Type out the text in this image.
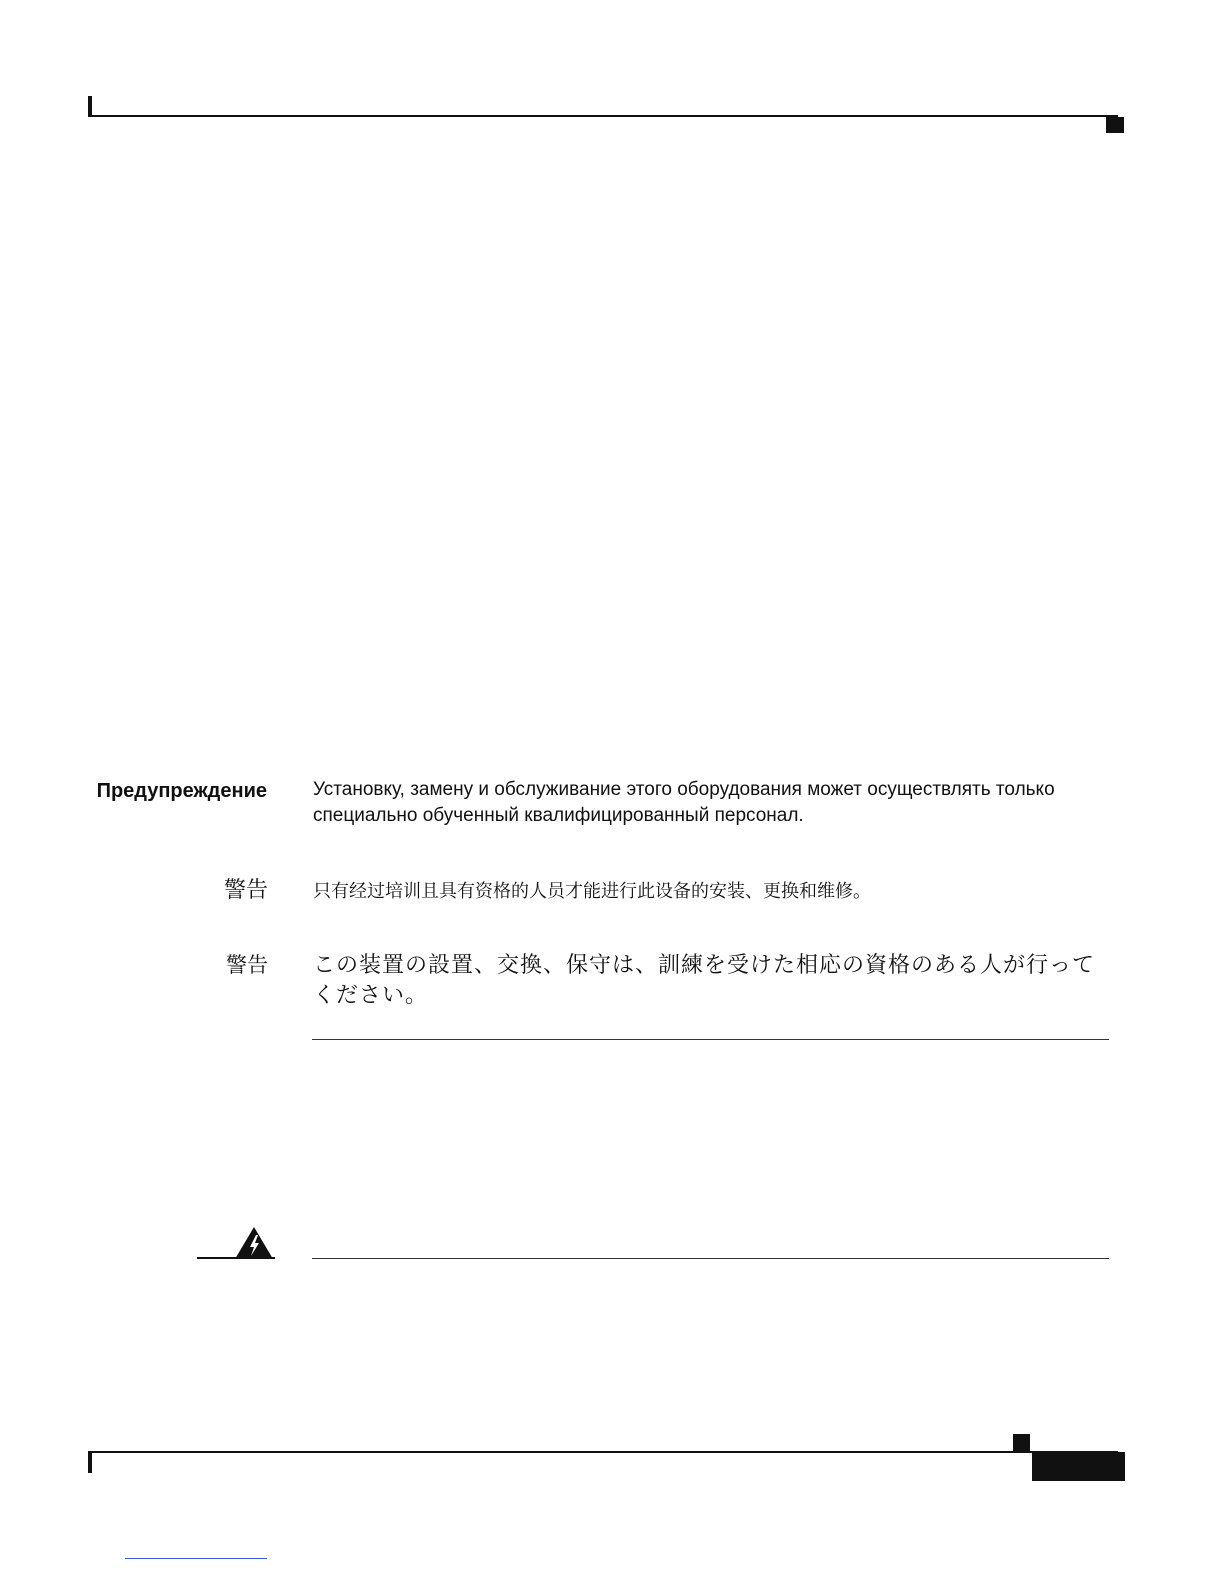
Предупреждение Установку, замену и обслуживание этого оборудования может осуществлять только специально обученный квалифицированный персонал.
警告	只有经过培训且具有资格的人员才能进行此设备的安装、更换和维修。
警告 この装置の設置、交換、保守は、訓練を受けた相応の資格のある人が行ってください。
